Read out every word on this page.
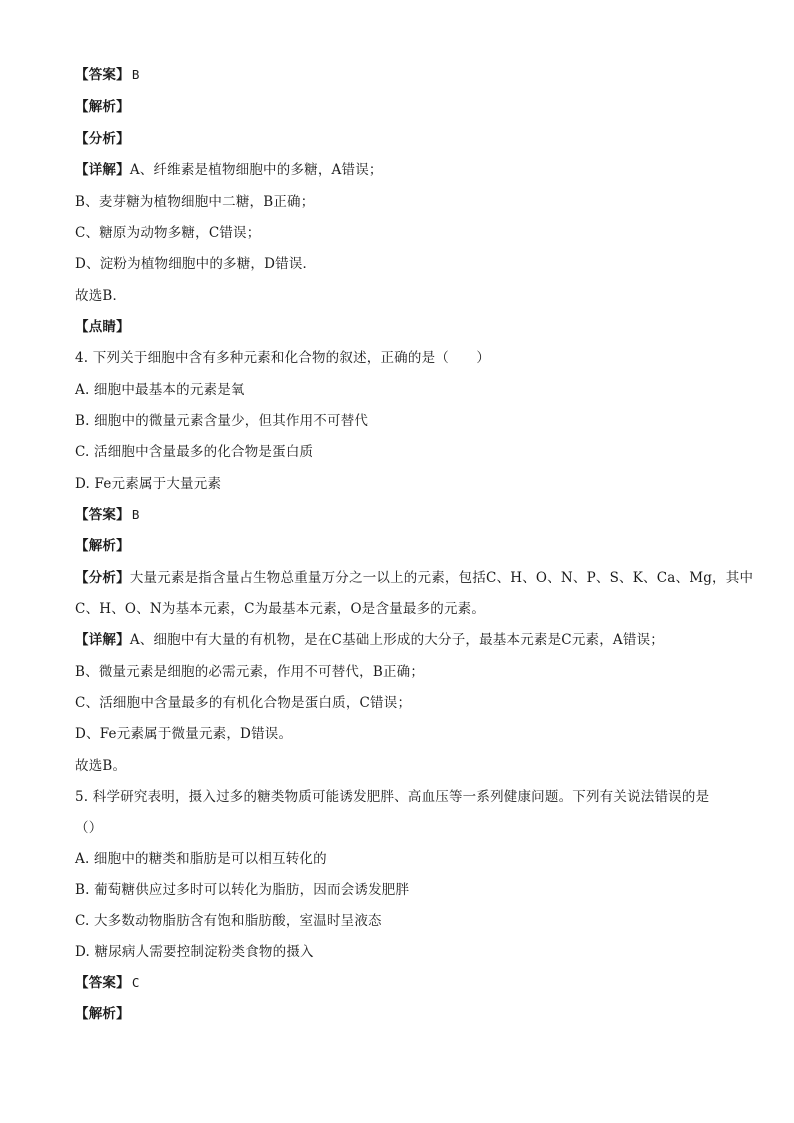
【 答案 】 B
【 解析 】
【 分析 】
【 详解 】 A、纤维素是植物细胞中的多糖，A错误；
B、麦芽糖为植物细胞中二糖，B正确；
C、糖原为动物多糖，C错误；
D、淀粉为植物细胞中的多糖，D错误．
故选B．
【 点睛 】
4. 下列关于细胞中含有多种元素和化合物的叙述，正确的是（　　）
A. 细胞中最基本的元素是氧
B. 细胞中的微量元素含量少，但其作用不可替代
C. 活细胞中含量最多的化合物是蛋白质
D. Fe元素属于大量元素
【 答案 】 B
【 解析 】
【 分析 】 大量元素是指含量占生物总重量万分之一以上的元素，包括C、H、O、N、P、S、K、Ca、Mg，其中
C、H、O、N为基本元素，C为最基本元素，O是含量最多的元素。
【 详解 】 A、细胞中有大量的有机物，是在C基础上形成的大分子，最基本元素是C元素，A错误；
B、微量元素是细胞的必需元素，作用不可替代，B正确；
C、活细胞中含量最多的有机化合物是蛋白质，C错误；
D、Fe元素属于微量元素，D错误。
故选B。
5. 科学研究表明，摄入过多的糖类物质可能诱发肥胖、高血压等一系列健康问题。下列有关说法错误的是
（）
A. 细胞中的糖类和脂肪是可以相互转化的
B. 葡萄糖供应过多时可以转化为脂肪，因而会诱发肥胖
C. 大多数动物脂肪含有饱和脂肪酸，室温时呈液态
D. 糖尿病人需要控制淀粉类食物的摄入
【 答案 】 C
【 解析 】
